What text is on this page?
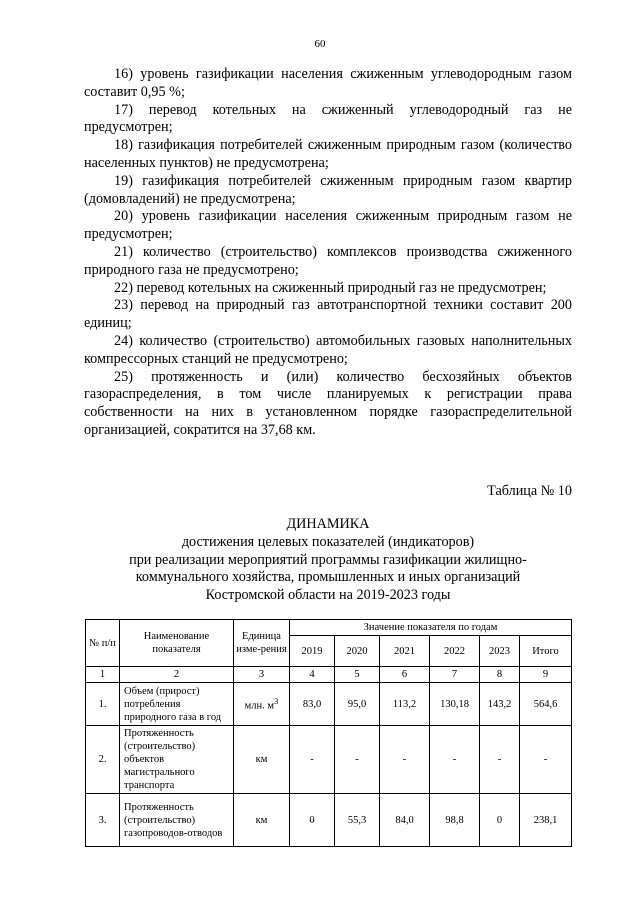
60

16) уровень газификации населения сжиженным углеводородным газом составит 0,95 %;

17) перевод котельных на сжиженный углеводородный газ не предусмотрен;

18) газификация потребителей сжиженным природным газом (количество населенных пунктов) не предусмотрена;

19) газификация потребителей сжиженным природным газом квартир (домовладений) не предусмотрена;

20) уровень газификации населения сжиженным природным газом не предусмотрен;

21) количество (строительство) комплексов производства сжиженного природного газа не предусмотрено;

22) перевод котельных на сжиженный природный газ не предусмотрен;

23) перевод на природный газ автотранспортной техники составит 200 единиц;

24) количество (строительство) автомобильных газовых наполнительных компрессорных станций не предусмотрено;

25) протяженность и (или) количество бесхозяйных объектов газораспределения, в том числе планируемых к регистрации права собственности на них в установленном порядке газораспределительной организацией, сократится на 37,68 км.

Таблица № 10
ДИНАМИКА
достижения целевых показателей (индикаторов)
при реализации мероприятий программы газификации жилищно-
коммунального хозяйства, промышленных и иных организаций
Костромской области на 2019-2023 годы
№ п/п	Наименование показателя	Единица изме-рения	Значение показателя по годам					
			2019	2020	2021	2022	2023	Итого
1	2	3	4	5	6	7	8	9
1.	Объем (прирост) потребления природного газа в год	млн. $м^3$	83,0	95,0	113,2	130,18	143,2	564,6
2.	Протяженность (строительство) объектов магистрального транспорта	км	-	-	-	-	-	-
3.	Протяженность (строительство) газопроводов-отводов	км	0	55,3	84,0	98,8	0	238,1
